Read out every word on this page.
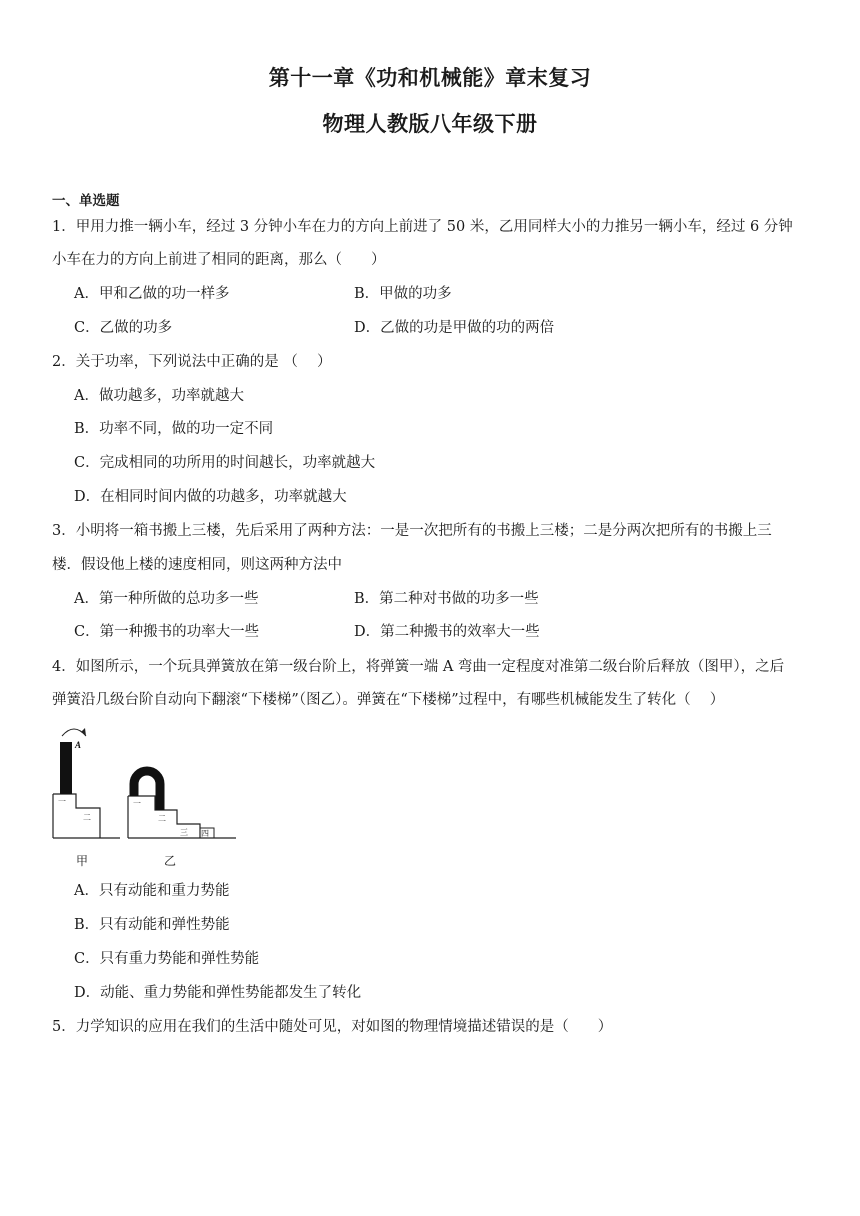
第十一章《功和机械能》章末复习
物理人教版八年级下册
一、单选题
1．甲用力推一辆小车，经过 3 分钟小车在力的方向上前进了 50 米，乙用同样大小的力推另一辆小车，经过 6 分钟
小车在力的方向上前进了相同的距离，那么（　　）
A．甲和乙做的功一样多	B．甲做的功多
C．乙做的功多	D．乙做的功是甲做的功的两倍
2．关于功率，下列说法中正确的是 （　 ）
A．做功越多，功率就越大
B．功率不同，做的功一定不同
C．完成相同的功所用的时间越长，功率就越大
D．在相同时间内做的功越多，功率就越大
3．小明将一箱书搬上三楼，先后采用了两种方法：一是一次把所有的书搬上三楼；二是分两次把所有的书搬上三
楼．假设他上楼的速度相同，则这两种方法中
A．第一种所做的总功多一些	B．第二种对书做的功多一些
C．第一种搬书的功率大一些	D．第二种搬书的效率大一些
4．如图所示，一个玩具弹簧放在第一级台阶上，将弹簧一端 A 弯曲一定程度对准第二级台阶后释放（图甲），之后
弹簧沿几级台阶自动向下翻滚“下楼梯”（图乙）。弹簧在“下楼梯”过程中，有哪些机械能发生了转化（　 ）
A
一
二
一
二
三 四
甲	乙
A．只有动能和重力势能
B．只有动能和弹性势能
C．只有重力势能和弹性势能
D．动能、重力势能和弹性势能都发生了转化
5．力学知识的应用在我们的生活中随处可见，对如图的物理情境描述错误的是（　　）
